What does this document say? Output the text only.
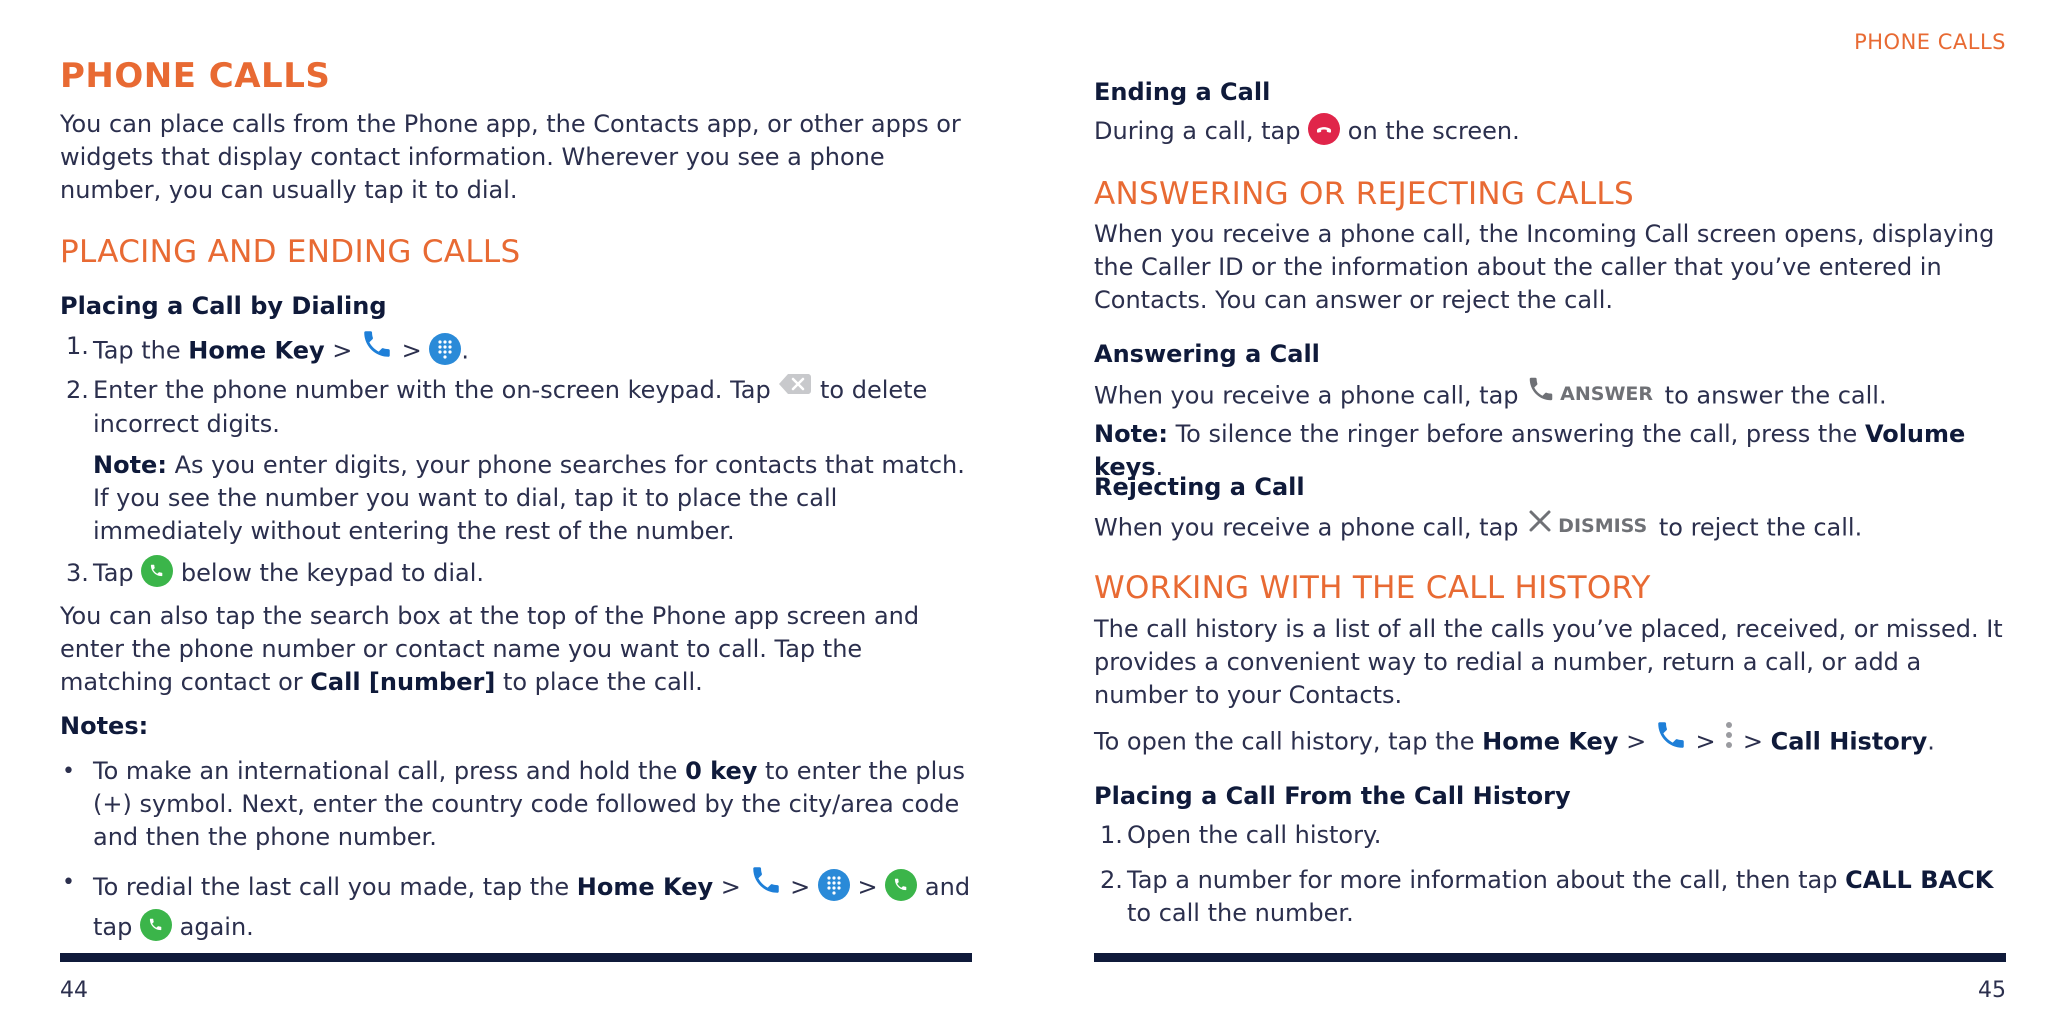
PHONE CALLS

You can place calls from the Phone app, the Contacts app, or other apps or widgets that display contact information. Wherever you see a phone number, you can usually tap it to dial.

PLACING AND ENDING CALLS
Placing a Call by Dialing
1. Tap the Home Key > > .
2. Enter the phone number with the on-screen keypad. Tap to delete incorrect digits.
Note: As you enter digits, your phone searches for contacts that match. If you see the number you want to dial, tap it to place the call immediately without entering the rest of the number.
3. Tap below the keypad to dial.

You can also tap the search box at the top of the Phone app screen and enter the phone number or contact name you want to call. Tap the matching contact or Call [number] to place the call.

Notes:
• To make an international call, press and hold the 0 key to enter the plus (+) symbol. Next, enter the country code followed by the city/area code and then the phone number.
• To redial the last call you made, tap the Home Key > > > and tap again.
44
PHONE CALLS
Ending a Call
During a call, tap on the screen.
ANSWERING OR REJECTING CALLS

When you receive a phone call, the Incoming Call screen opens, displaying the Caller ID or the information about the caller that you’ve entered in Contacts. You can answer or reject the call.

Answering a Call
When you receive a phone call, tap ANSWER to answer the call.
Note: To silence the ringer before answering the call, press the Volume keys.
Rejecting a Call
When you receive a phone call, tap DISMISS to reject the call.
WORKING WITH THE CALL HISTORY

The call history is a list of all the calls you’ve placed, received, or missed. It provides a convenient way to redial a number, return a call, or add a number to your Contacts.

To open the call history, tap the Home Key > > > Call History.
Placing a Call From the Call History
1. Open the call history.
2. Tap a number for more information about the call, then tap CALL BACK to call the number.
45
